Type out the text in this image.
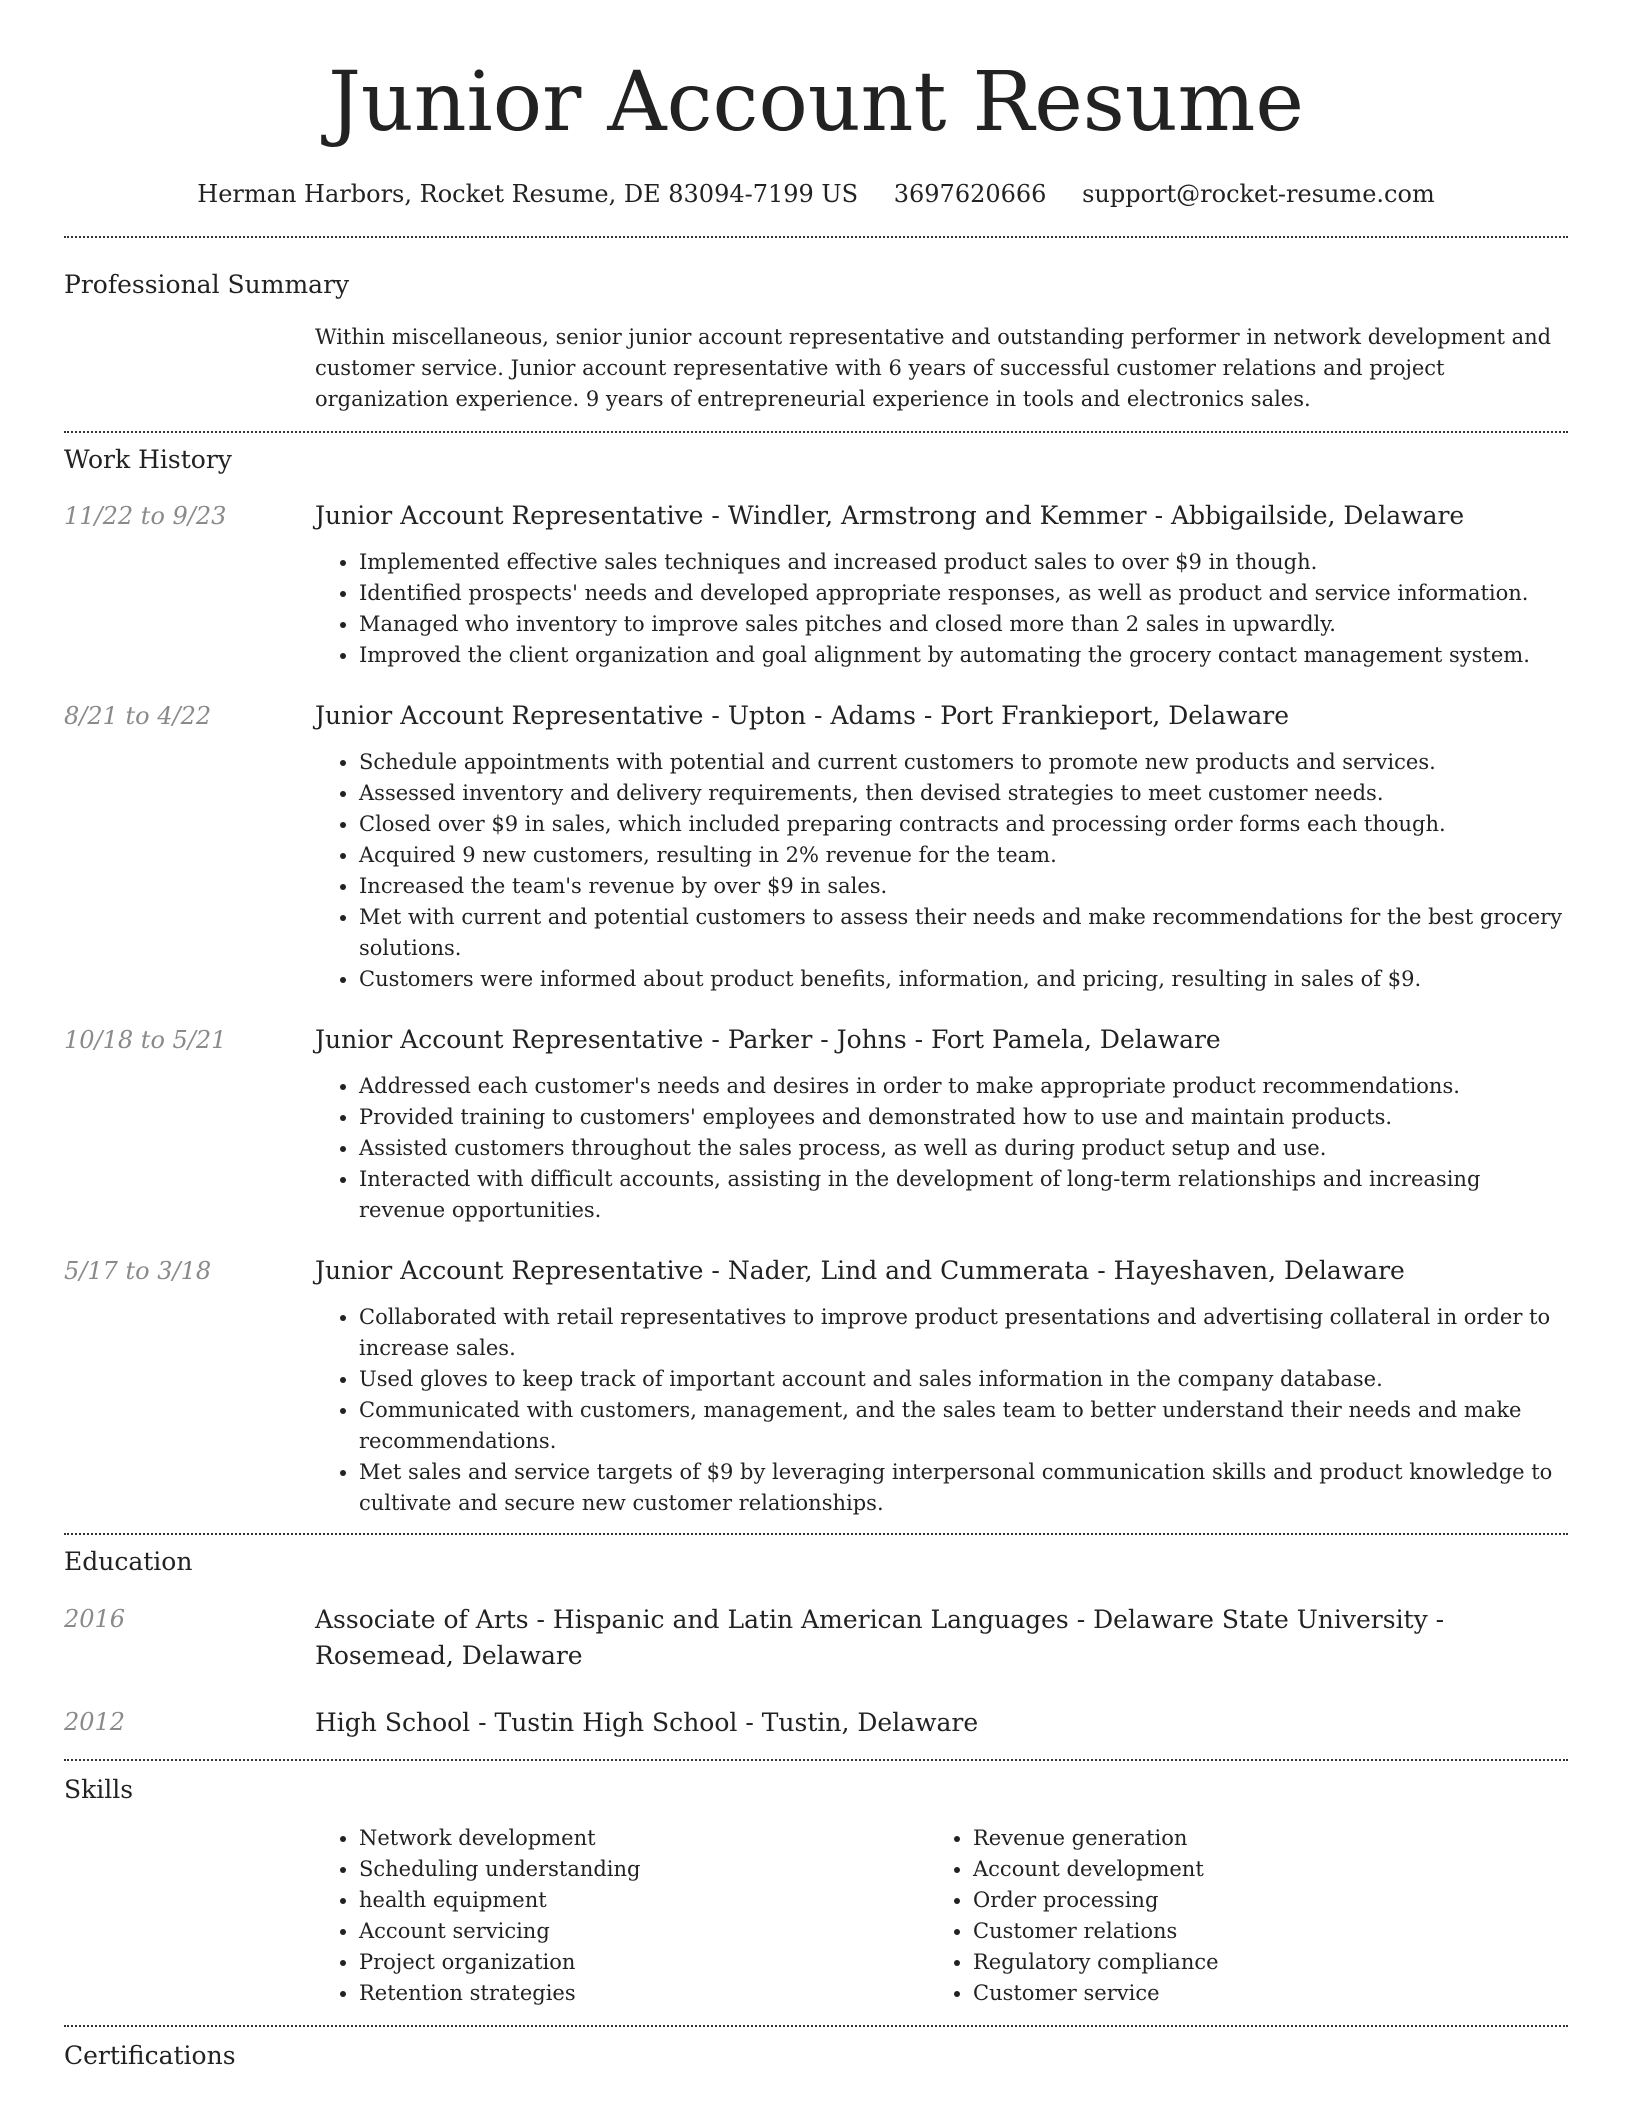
Junior Account Resume
Herman Harbors, Rocket Resume, DE 83094-7199 US 3697620666 support@rocket-resume.com
Professional Summary
Within miscellaneous, senior junior account representative and outstanding performer in network development and customer service. Junior account representative with 6 years of successful customer relations and project organization experience. 9 years of entrepreneurial experience in tools and electronics sales.
Work History
11/22 to 9/23	Junior Account Representative - Windler, Armstrong and Kemmer - Abbigailside, Delaware
• Implemented effective sales techniques and increased product sales to over $9 in though.
• Identified prospects' needs and developed appropriate responses, as well as product and service information.
• Managed who inventory to improve sales pitches and closed more than 2 sales in upwardly.
• Improved the client organization and goal alignment by automating the grocery contact management system.
8/21 to 4/22	Junior Account Representative - Upton - Adams - Port Frankieport, Delaware
• Schedule appointments with potential and current customers to promote new products and services.
• Assessed inventory and delivery requirements, then devised strategies to meet customer needs.
• Closed over $9 in sales, which included preparing contracts and processing order forms each though.
• Acquired 9 new customers, resulting in 2% revenue for the team.
• Increased the team's revenue by over $9 in sales.
• Met with current and potential customers to assess their needs and make recommendations for the best grocery solutions.
• Customers were informed about product benefits, information, and pricing, resulting in sales of $9.
10/18 to 5/21	Junior Account Representative - Parker - Johns - Fort Pamela, Delaware
• Addressed each customer's needs and desires in order to make appropriate product recommendations.
• Provided training to customers' employees and demonstrated how to use and maintain products.
• Assisted customers throughout the sales process, as well as during product setup and use.
• Interacted with difficult accounts, assisting in the development of long-term relationships and increasing revenue opportunities.
5/17 to 3/18	Junior Account Representative - Nader, Lind and Cummerata - Hayeshaven, Delaware
• Collaborated with retail representatives to improve product presentations and advertising collateral in order to increase sales.
• Used gloves to keep track of important account and sales information in the company database.
• Communicated with customers, management, and the sales team to better understand their needs and make recommendations.
• Met sales and service targets of $9 by leveraging interpersonal communication skills and product knowledge to cultivate and secure new customer relationships.
Education
2016	Associate of Arts - Hispanic and Latin American Languages - Delaware State University - Rosemead, Delaware
2012	High School - Tustin High School - Tustin, Delaware
Skills
• Network development
• Scheduling understanding
• health equipment
• Account servicing
• Project organization
• Retention strategies
• Revenue generation
• Account development
• Order processing
• Customer relations
• Regulatory compliance
• Customer service
Certifications
